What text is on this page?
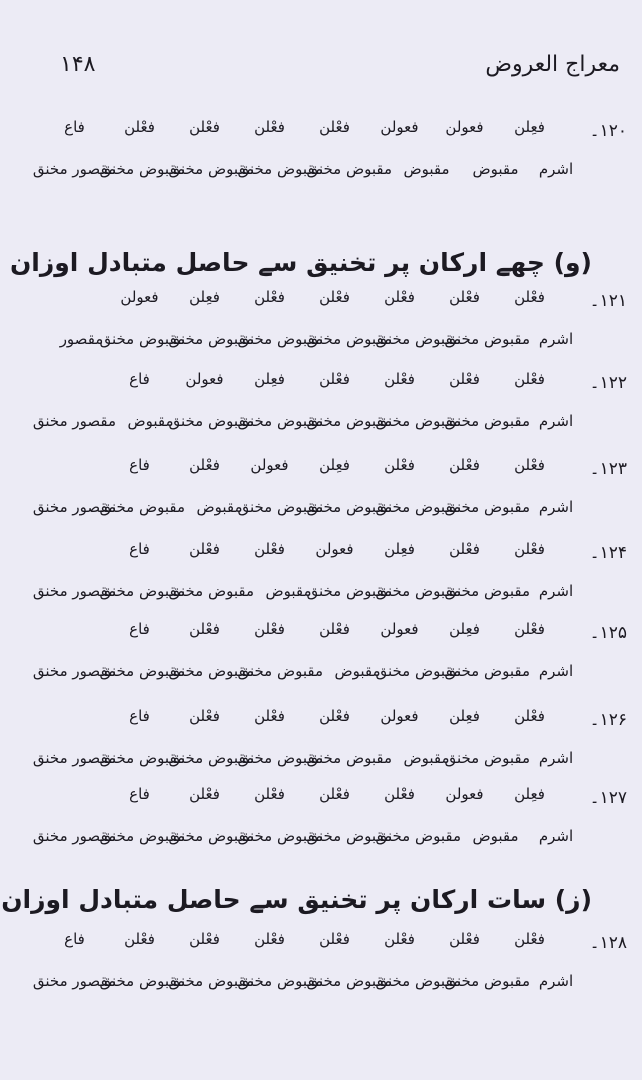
معراج العروض
۱۴۸
۱۲۰۔
فعِلن
فعولن
فعولن
فعْلن
فعْلن
فعْلن
فعْلن
فاع
اشرم
مقبوض
مقبوض
مقبوض مخنق
مقبوض مخنق
مقبوض مخنق
مقبوض مخنق
مقصور مخنق
(و) چھے ارکان پر تخنیق سے حاصل متبادل اوزان
۱۲۱۔
فعْلن
فعْلن
فعْلن
فعْلن
فعْلن
فعِلن
فعولن
اشرم
مقبوض مخنق
مقبوض مخنق
مقبوض مخنق
مقبوض مخنق
مقبوض مخنق
مقبوض مخنق
مقصور
۱۲۲۔
فعْلن
فعْلن
فعْلن
فعْلن
فعِلن
فعولن
فاع
اشرم
مقبوض مخنق
مقبوض مخنق
مقبوض مخنق
مقبوض مخنق
مقبوض مخنق
مقبوض
مقصور مخنق
۱۲۳۔
فعْلن
فعْلن
فعْلن
فعِلن
فعولن
فعْلن
فاع
اشرم
مقبوض مخنق
مقبوض مخنق
مقبوض مخنق
مقبوض مخنق
مقبوض
مقبوض مخنق
مقصور مخنق
۱۲۴۔
فعْلن
فعْلن
فعِلن
فعولن
فعْلن
فعْلن
فاع
اشرم
مقبوض مخنق
مقبوض مخنق
مقبوض مخنق
مقبوض
مقبوض مخنق
مقبوض مخنق
مقصور مخنق
۱۲۵۔
فعْلن
فعِلن
فعولن
فعْلن
فعْلن
فعْلن
فاع
اشرم
مقبوض مخنق
مقبوض مخنق
مقبوض
مقبوض مخنق
مقبوض مخنق
مقبوض مخنق
مقصور مخنق
۱۲۶۔
فعْلن
فعِلن
فعولن
فعْلن
فعْلن
فعْلن
فاع
اشرم
مقبوض مخنق
مقبوض
مقبوض مخنق
مقبوض مخنق
مقبوض مخنق
مقبوض مخنق
مقصور مخنق
۱۲۷۔
فعِلن
فعولن
فعْلن
فعْلن
فعْلن
فعْلن
فاع
اشرم
مقبوض
مقبوض مخنق
مقبوض مخنق
مقبوض مخنق
مقبوض مخنق
مقبوض مخنق
مقصور مخنق
(ز) سات ارکان پر تخنیق سے حاصل متبادل اوزان
۱۲۸۔
فعْلن
فعْلن
فعْلن
فعْلن
فعْلن
فعْلن
فعْلن
فاع
اشرم
مقبوض مخنق
مقبوض مخنق
مقبوض مخنق
مقبوض مخنق
مقبوض مخنق
مقبوض مخنق
مقصور مخنق
